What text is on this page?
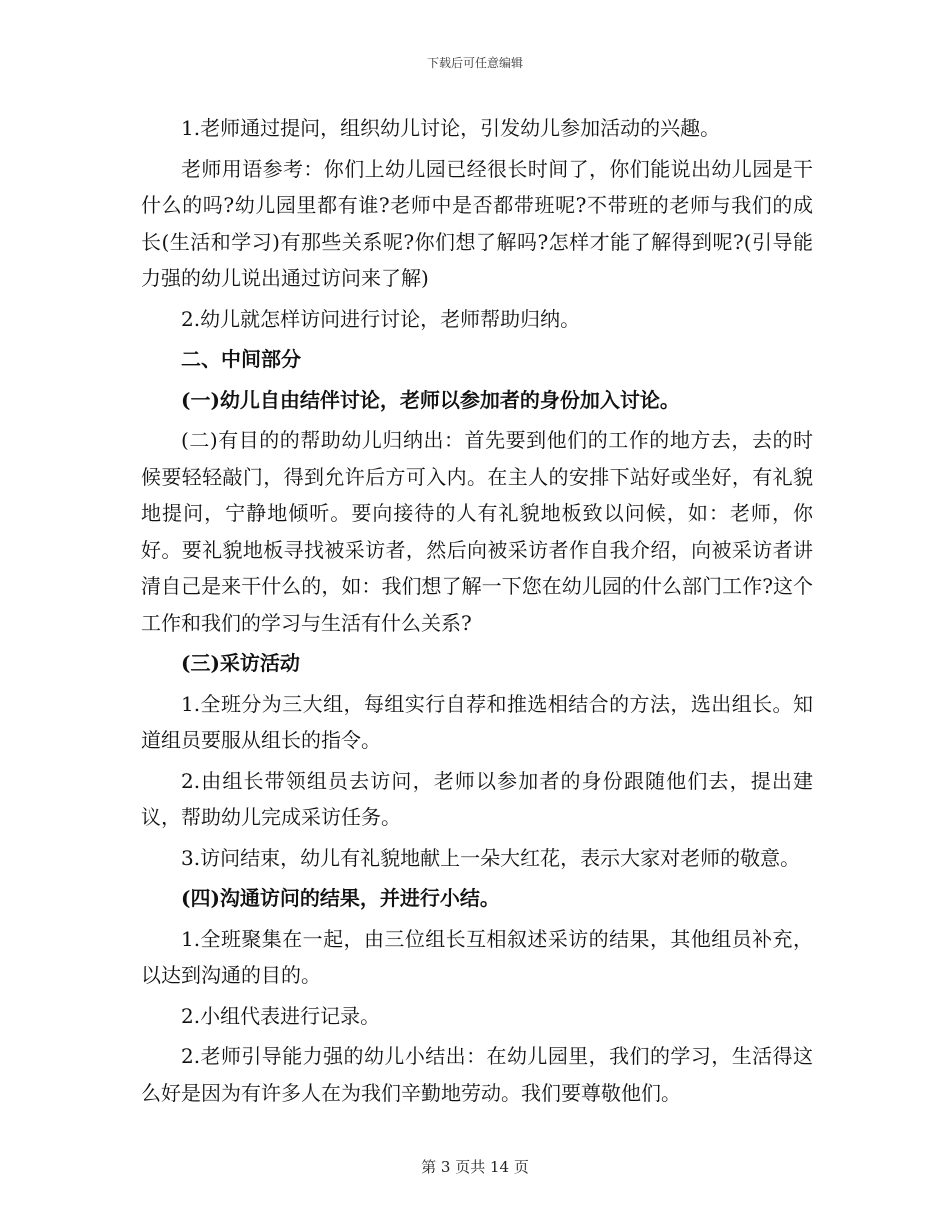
下载后可任意编辑

1.老师通过提问，组织幼儿讨论，引发幼儿参加活动的兴趣。

老师用语参考：你们上幼儿园已经很长时间了，你们能说出幼儿园是干什么的吗?幼儿园里都有谁?老师中是否都带班呢?不带班的老师与我们的成长(生活和学习)有那些关系呢?你们想了解吗?怎样才能了解得到呢?(引导能力强的幼儿说出通过访问来了解)

2.幼儿就怎样访问进行讨论，老师帮助归纳。

二、中间部分

(一)幼儿自由结伴讨论，老师以参加者的身份加入讨论。

(二)有目的的帮助幼儿归纳出：首先要到他们的工作的地方去，去的时候要轻轻敲门，得到允许后方可入内。在主人的安排下站好或坐好，有礼貌地提问，宁静地倾听。要向接待的人有礼貌地板致以问候，如：老师，你好。要礼貌地板寻找被采访者，然后向被采访者作自我介绍，向被采访者讲清自己是来干什么的，如：我们想了解一下您在幼儿园的什么部门工作?这个工作和我们的学习与生活有什么关系?

(三)采访活动

1.全班分为三大组，每组实行自荐和推选相结合的方法，选出组长。知道组员要服从组长的指令。

2.由组长带领组员去访问，老师以参加者的身份跟随他们去，提出建议，帮助幼儿完成采访任务。

3.访问结束，幼儿有礼貌地献上一朵大红花，表示大家对老师的敬意。

(四)沟通访问的结果，并进行小结。

1.全班聚集在一起，由三位组长互相叙述采访的结果，其他组员补充，以达到沟通的目的。

2.小组代表进行记录。

2.老师引导能力强的幼儿小结出：在幼儿园里，我们的学习，生活得这么好是因为有许多人在为我们辛勤地劳动。我们要尊敬他们。

第 3 页共 14 页
